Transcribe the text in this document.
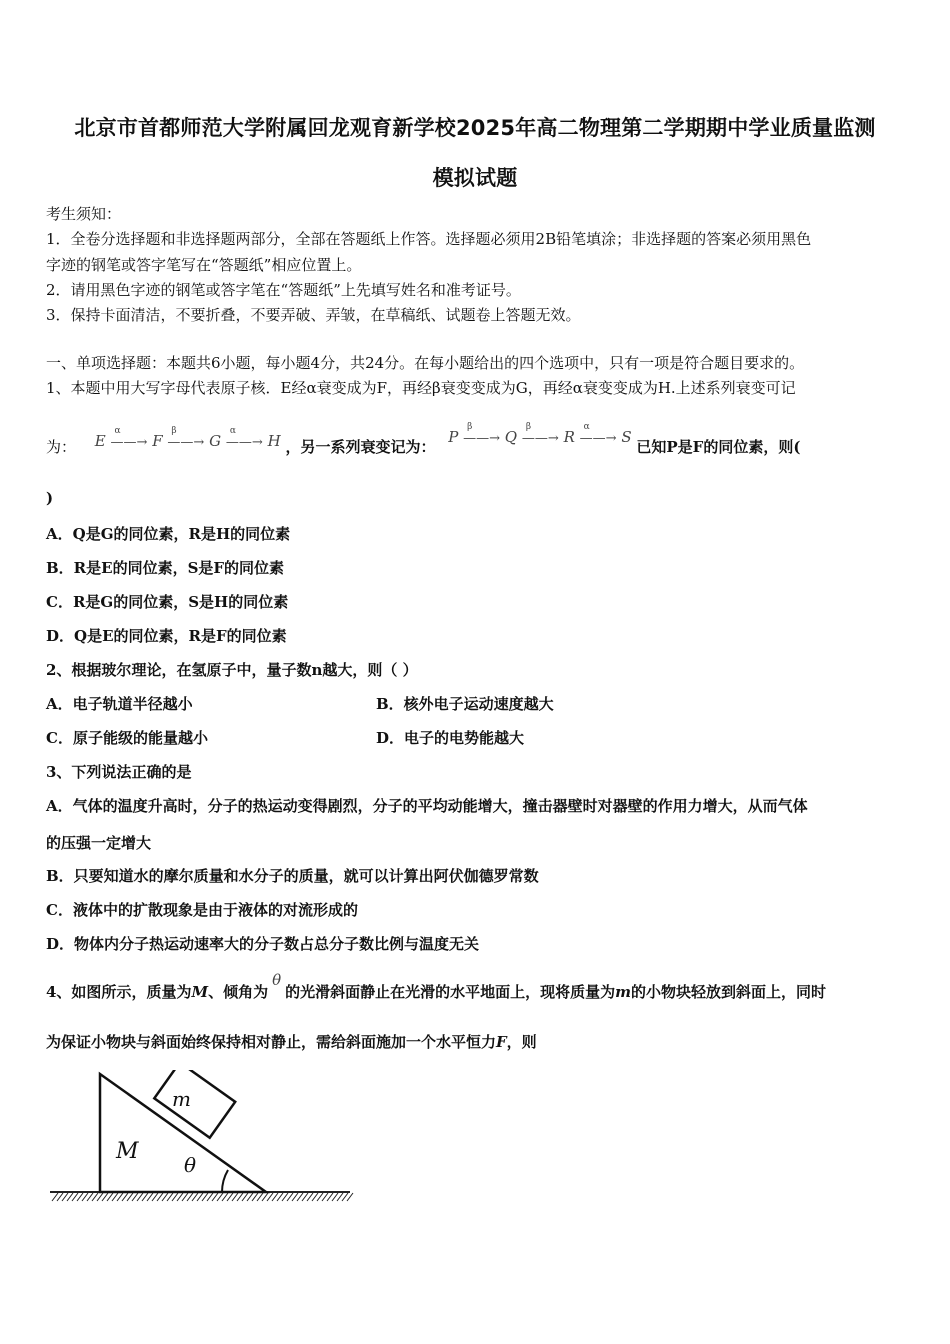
北京市首都师范大学附属回龙观育新学校2025年高二物理第二学期期中学业质量监测
模拟试题
考生须知：
1．全卷分选择题和非选择题两部分，全部在答题纸上作答。选择题必须用2B铅笔填涂；非选择题的答案必须用黑色
字迹的钢笔或答字笔写在“答题纸”相应位置上。
2．请用黑色字迹的钢笔或答字笔在“答题纸”上先填写姓名和准考证号。
3．保持卡面清洁，不要折叠，不要弄破、弄皱，在草稿纸、试题卷上答题无效。
一、单项选择题：本题共6小题，每小题4分，共24分。在每小题给出的四个选项中，只有一项是符合题目要求的。
1、本题中用大写字母代表原子核．E经α衰变成为F，再经β衰变变成为G，再经α衰变变成为H.上述系列衰变可记
为： E ——→
α
F ——→
β
G ——→
α
H ，另一系列衰变记为： P ——→
β
Q ——→
β
R ——→
α
S 已知P是F的同位素，则(
)
A．Q是G的同位素，R是H的同位素
B．R是E的同位素，S是F的同位素
C．R是G的同位素，S是H的同位素
D．Q是E的同位素，R是F的同位素
2、根据玻尔理论，在氢原子中，量子数n越大，则（ ）
A．电子轨道半径越小	B．核外电子运动速度越大
C．原子能级的能量越小	D．电子的电势能越大
3、下列说法正确的是
A．气体的温度升高时，分子的热运动变得剧烈，分子的平均动能增大，撞击器壁时对器壁的作用力增大，从而气体
的压强一定增大
B．只要知道水的摩尔质量和水分子的质量，就可以计算出阿伏伽德罗常数
C．液体中的扩散现象是由于液体的对流形成的
D．物体内分子热运动速率大的分子数占总分子数比例与温度无关
4、如图所示，质量为M、倾角为θ的光滑斜面静止在光滑的水平地面上，现将质量为m的小物块轻放到斜面上，同时
为保证小物块与斜面始终保持相对静止，需给斜面施加一个水平恒力F，则
m
M
θ
